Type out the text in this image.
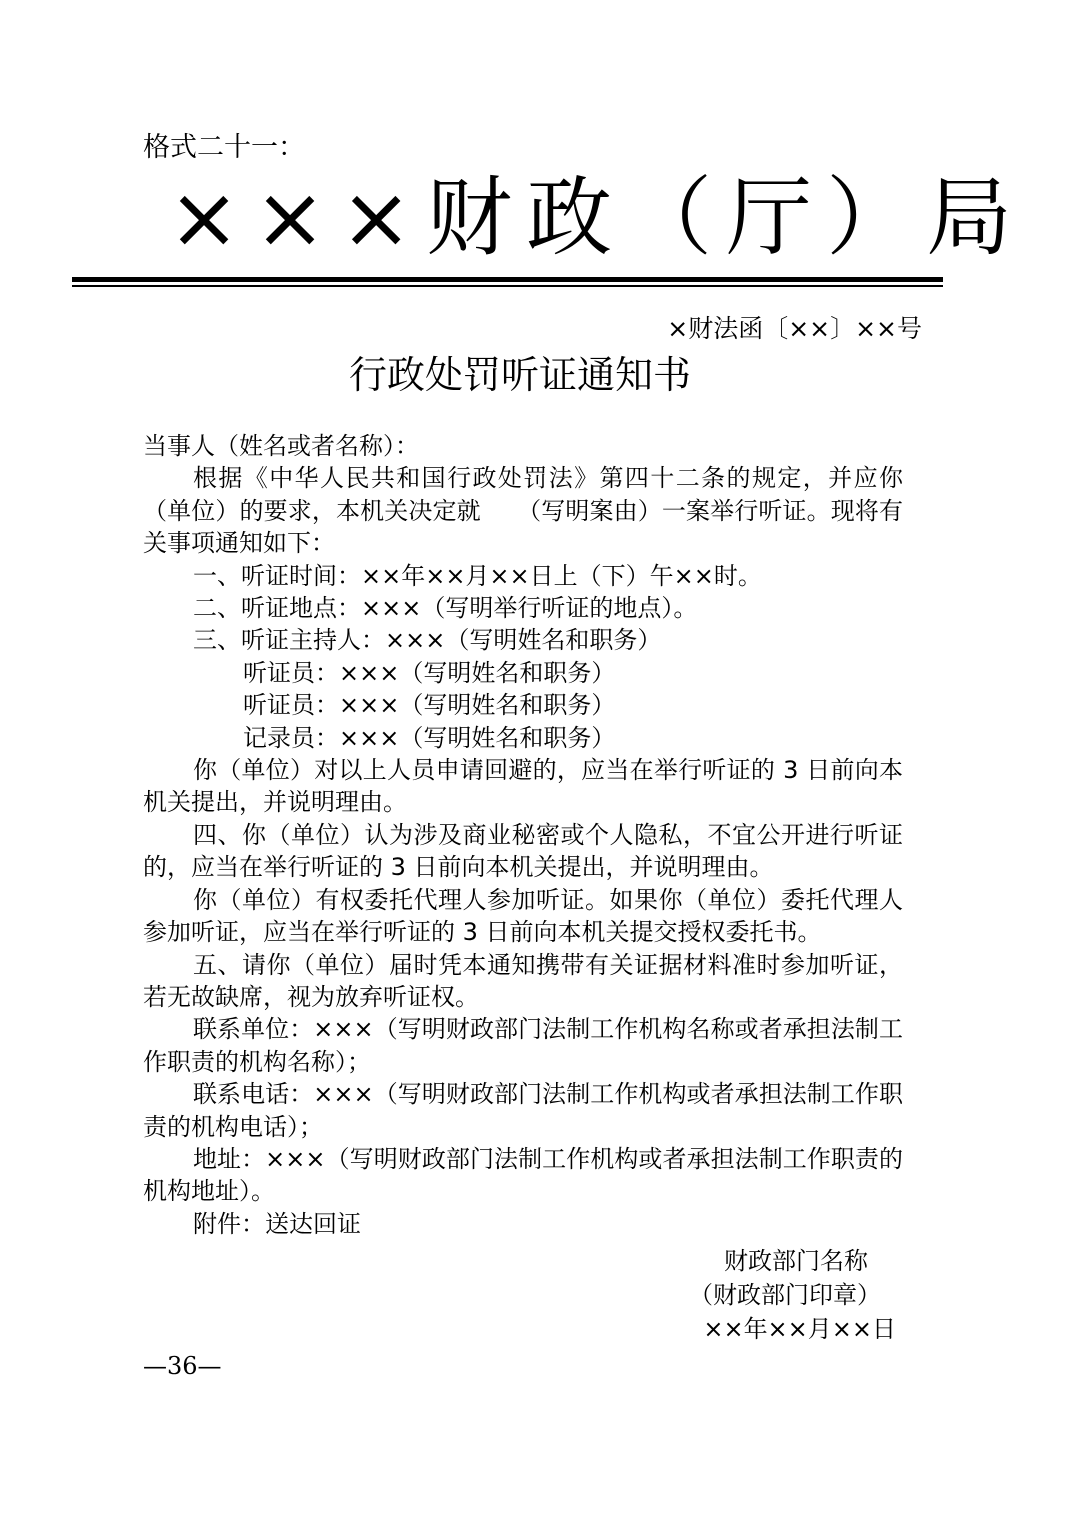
格式二十一：
×××财政（厅）局
×财法函〔××〕××号
行政处罚听证通知书

当事人（姓名或者名称）：

根据《中华人民共和国行政处罚法》第四十二条的规定，并应你（单位）的要求，本机关决定就　　（写明案由）一案举行听证。现将有关事项通知如下：

一、听证时间：××年××月××日上（下）午××时。

二、听证地点：×××（写明举行听证的地点）。

三、听证主持人：×××（写明姓名和职务）

听证员：×××（写明姓名和职务）

听证员：×××（写明姓名和职务）

记录员：×××（写明姓名和职务）

你（单位）对以上人员申请回避的，应当在举行听证的 3 日前向本机关提出，并说明理由。

四、你（单位）认为涉及商业秘密或个人隐私，不宜公开进行听证的，应当在举行听证的 3 日前向本机关提出，并说明理由。

你（单位）有权委托代理人参加听证。如果你（单位）委托代理人参加听证，应当在举行听证的 3 日前向本机关提交授权委托书。

五、请你（单位）届时凭本通知携带有关证据材料准时参加听证，若无故缺席，视为放弃听证权。

联系单位：×××（写明财政部门法制工作机构名称或者承担法制工作职责的机构名称）；

联系电话：×××（写明财政部门法制工作机构或者承担法制工作职责的机构电话）；

地址：×××（写明财政部门法制工作机构或者承担法制工作职责的机构地址）。

附件：送达回证

财政部门名称
（财政部门印章）
××年××月××日
—36—
